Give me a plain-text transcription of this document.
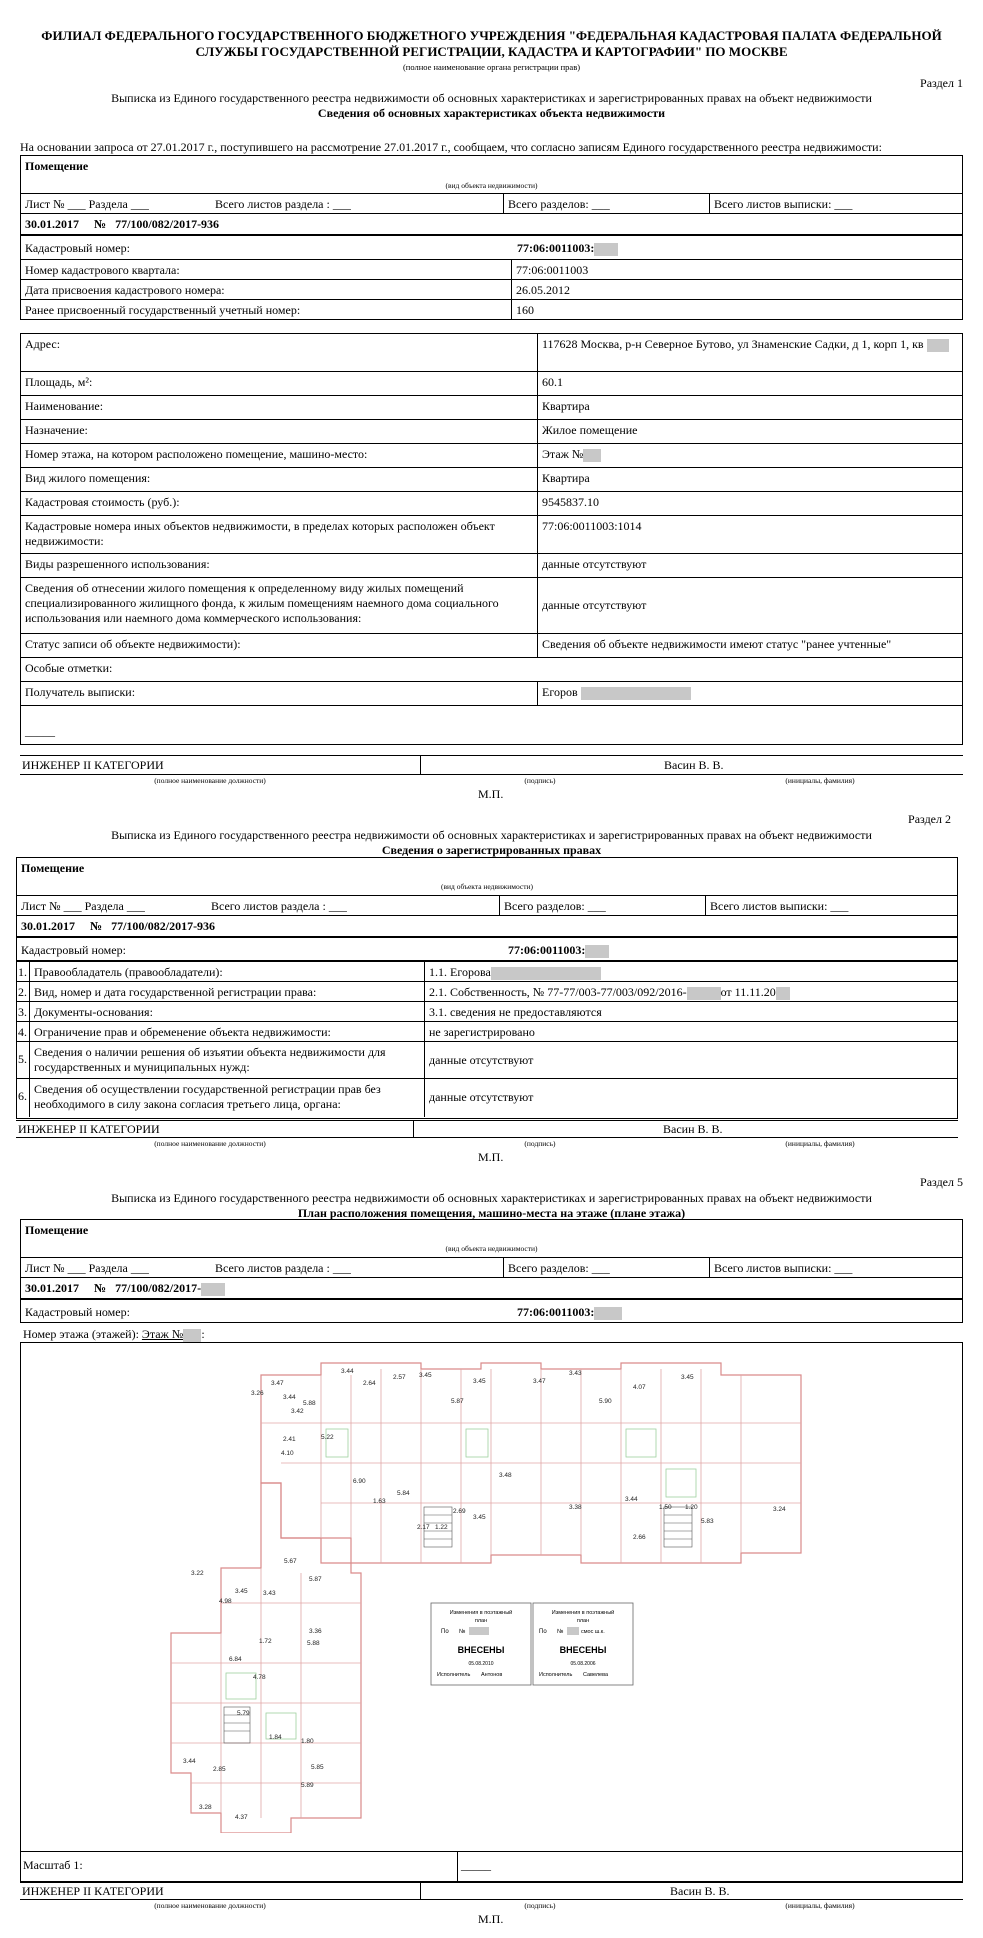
ФИЛИАЛ ФЕДЕРАЛЬНОГО ГОСУДАРСТВЕННОГО БЮДЖЕТНОГО УЧРЕЖДЕНИЯ "ФЕДЕРАЛЬНАЯ КАДАСТРОВАЯ ПАЛАТА ФЕДЕРАЛЬНОЙ
СЛУЖБЫ ГОСУДАРСТВЕННОЙ РЕГИСТРАЦИИ, КАДАСТРА И КАРТОГРАФИИ" ПО МОСКВЕ
(полное наименование органа регистрации прав)
Раздел 1
Выписка из Единого государственного реестра недвижимости об основных характеристиках и зарегистрированных правах на объект недвижимости
Сведения об основных характеристиках объекта недвижимости
На основании запроса от 27.01.2017 г., поступившего на рассмотрение 27.01.2017 г., сообщаем, что согласно записям Единого государственного реестра недвижимости:
Помещение
(вид объекта недвижимости)
Лист № ___ Раздела ___	Всего листов раздела : ___	Всего разделов: ___	Всего листов выписки: ___
30.01.2017 № 77/100/082/2017-936
Кадастровый номер:	77:06:0011003:
Номер кадастрового квартала:	77:06:0011003
Дата присвоения кадастрового номера:	26.05.2012
Ранее присвоенный государственный учетный номер:	160
Адрес:	117628 Москва, р-н Северное Бутово, ул Знаменские Садки, д 1, корп 1, кв
Площадь, м²:	60.1
Наименование:	Квартира
Назначение:	Жилое помещение
Номер этажа, на котором расположено помещение, машино-место:	Этаж №
Вид жилого помещения:	Квартира
Кадастровая стоимость (руб.):	9545837.10
Кадастровые номера иных объектов недвижимости, в пределах которых расположен объект недвижимости:
77:06:0011003:1014
Виды разрешенного использования:	данные отсутствуют
Сведения об отнесении жилого помещения к определенному виду жилых помещений специализированного жилищного фонда, к жилым помещениям наемного дома социального использования или наемного дома коммерческого использования:
данные отсутствуют
Статус записи об объекте недвижимости):	Сведения об объекте недвижимости имеют статус "ранее учтенные"
Особые отметки:
Получатель выписки:	Егоров
_____
ИНЖЕНЕР II КАТЕГОРИИ	Васин В. В.
(полное наименование должности)	(подпись)	(инициалы, фамилия)
М.П.
Раздел 2
Выписка из Единого государственного реестра недвижимости об основных характеристиках и зарегистрированных правах на объект недвижимости
Сведения о зарегистрированных правах
Помещение
(вид объекта недвижимости)
Лист № ___ Раздела ___	Всего листов раздела : ___	Всего разделов: ___	Всего листов выписки: ___
30.01.2017 № 77/100/082/2017-936
Кадастровый номер:	77:06:0011003:
1. Правообладатель (правообладатели):	1.1. Егорова
2. Вид, номер и дата государственной регистрации права:	2.1. Собственность, № 77-77/003-77/003/092/2016-	от 11.11.20
3. Документы-основания:	3.1. сведения не предоставляются
4. Ограничение прав и обременение объекта недвижимости:	не зарегистрировано
5. Сведения о наличии решения об изъятии объекта недвижимости для государственных и муниципальных нужд:	данные отсутствуют
6. Сведения об осуществлении государственной регистрации прав без необходимого в силу закона согласия третьего лица, органа:	данные отсутствуют
ИНЖЕНЕР II КАТЕГОРИИ	Васин В. В.
(полное наименование должности)	(подпись)	(инициалы, фамилия)
М.П.
Раздел 5
Выписка из Единого государственного реестра недвижимости об основных характеристиках и зарегистрированных правах на объект недвижимости
План расположения помещения, машино-места на этаже (плане этажа)
Помещение
(вид объекта недвижимости)
Лист № ___ Раздела ___	Всего листов раздела : ___	Всего разделов: ___	Всего листов выписки: ___
30.01.2017 № 77/100/082/2017-
Кадастровый номер:	77:06:0011003:
Номер этажа (этажей): Этаж № :
3.47
3.44
2.64
2.57 3.45
5.87
3.45	3.47
3.43
5.90
4.07
3.45
3.26
3.44
5.88
3.42
5.22
4.10
2.41
6.90
1.63
5.84
2.17 1.22
2.69
3.45
3.48
3.38
3.44
1.50 1.20
2.66
5.83
3.24
5.67
5.87
3.22
4.98
3.45 3.43
3.36
5.88
6.84
4.78
5.79
1.84
1.80
5.85
5.89
4.37
3.28
3.44
2.85
1.72
Изменения в поэтажный
план
По №
ВНЕСЕНЫ
05.08.2010
Исполнитель Антонов
Изменения в поэтажный
план
По №	смос ш.к.
ВНЕСЕНЫ
05.08.2006
Исполнитель Савелева
Масштаб 1:	_____
ИНЖЕНЕР II КАТЕГОРИИ	Васин В. В.
(полное наименование должности)	(подпись)	(инициалы, фамилия)
М.П.
